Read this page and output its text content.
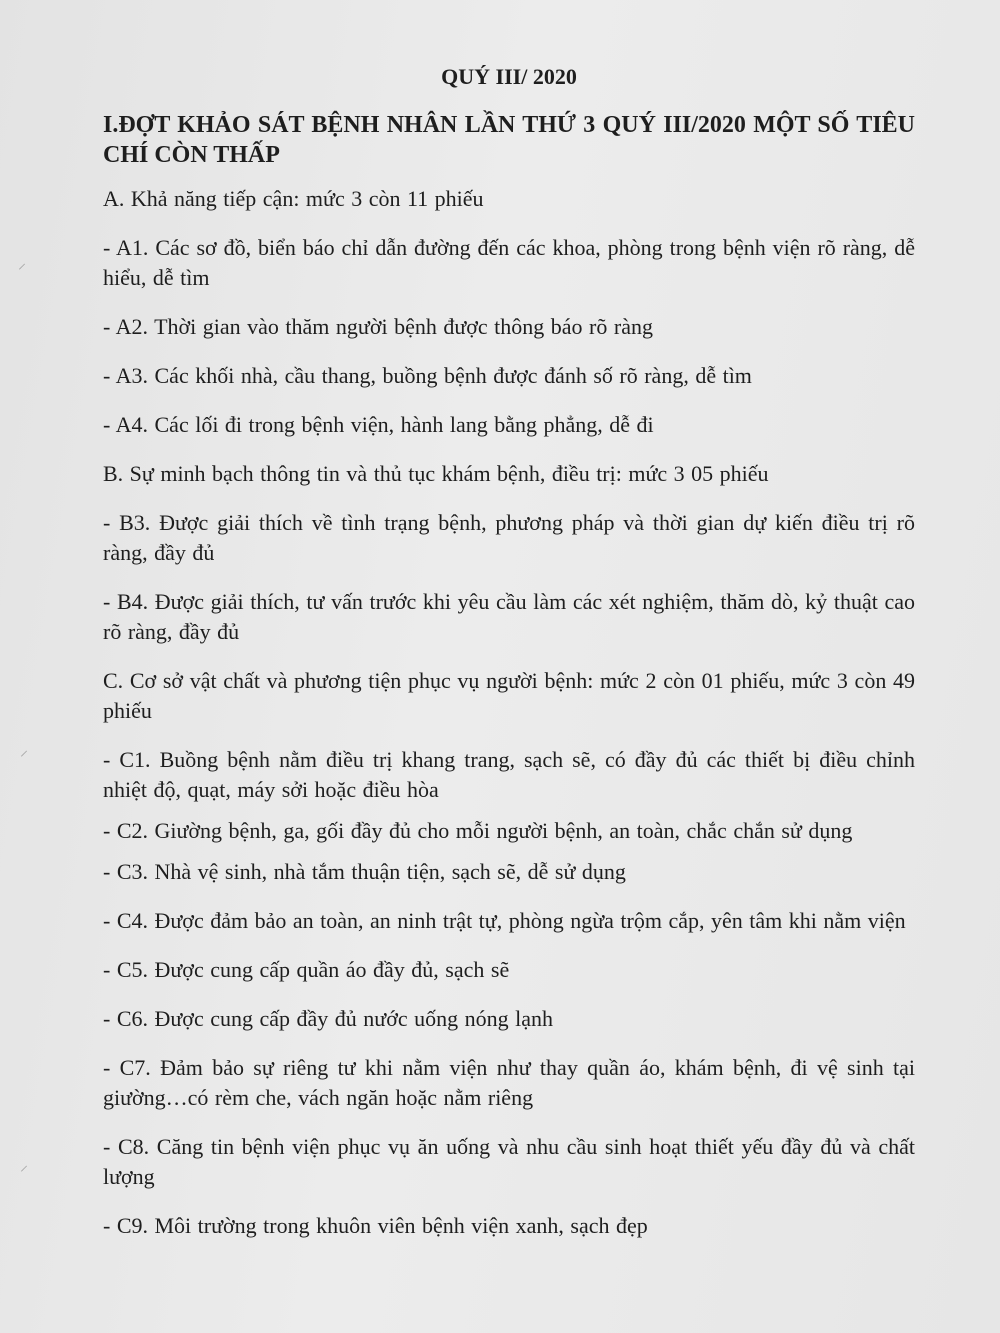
⸍
⸍
⸍
QUÝ III/ 2020
I.ĐỢT KHẢO SÁT BỆNH NHÂN LẦN THỨ 3 QUÝ III/2020 MỘT SỐ TIÊU CHÍ CÒN THẤP

A. Khả năng tiếp cận: mức 3 còn 11 phiếu

- A1. Các sơ đồ, biển báo chỉ dẫn đường đến các khoa, phòng trong bệnh viện rõ ràng, dễ hiểu, dễ tìm

- A2. Thời gian vào thăm người bệnh được thông báo rõ ràng

- A3. Các khối nhà, cầu thang, buồng bệnh được đánh số rõ ràng, dễ tìm

- A4. Các lối đi trong bệnh viện, hành lang bằng phẳng, dễ đi

B. Sự minh bạch thông tin và thủ tục khám bệnh, điều trị: mức 3 05 phiếu

- B3. Được giải thích về tình trạng bệnh, phương pháp và thời gian dự kiến điều trị rõ ràng, đầy đủ

- B4. Được giải thích, tư vấn trước khi yêu cầu làm các xét nghiệm, thăm dò, kỷ thuật cao rõ ràng, đầy đủ

C. Cơ sở vật chất và phương tiện phục vụ người bệnh: mức 2 còn 01 phiếu, mức 3 còn 49 phiếu

- C1. Buồng bệnh nằm điều trị khang trang, sạch sẽ, có đầy đủ các thiết bị điều chỉnh nhiệt độ, quạt, máy sởi hoặc điều hòa

- C2. Giường bệnh, ga, gối đầy đủ cho mỗi người bệnh, an toàn, chắc chắn sử dụng

- C3. Nhà vệ sinh, nhà tắm thuận tiện, sạch sẽ, dễ sử dụng

- C4. Được đảm bảo an toàn, an ninh trật tự, phòng ngừa trộm cắp, yên tâm khi nằm viện

- C5. Được cung cấp quần áo đầy đủ, sạch sẽ

- C6. Được cung cấp đầy đủ nước uống nóng lạnh

- C7. Đảm bảo sự riêng tư khi nằm viện như thay quần áo, khám bệnh, đi vệ sinh tại giường…có rèm che, vách ngăn hoặc nằm riêng

- C8. Căng tin bệnh viện phục vụ ăn uống và nhu cầu sinh hoạt thiết yếu đầy đủ và chất lượng

- C9. Môi trường trong khuôn viên bệnh viện xanh, sạch đẹp
